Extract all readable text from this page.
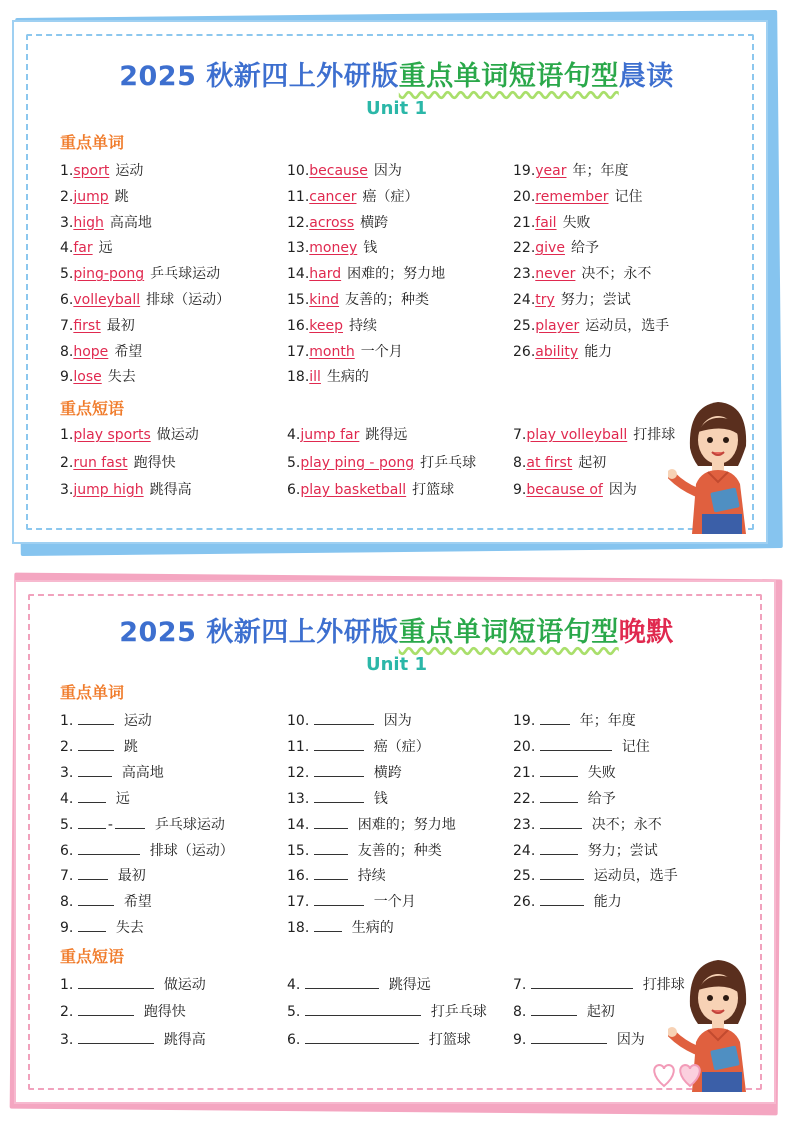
2025 秋新四上外研版重点单词短语句型晨读
Unit 1
重点单词
重点短语
1.sport 运动
2.jump 跳
3.high 高高地
4.far 远
5.ping-pong 乒乓球运动
6.volleyball 排球（运动）
7.first 最初
8.hope 希望
9.lose 失去
10.because 因为
11.cancer 癌（症）
12.across 横跨
13.money 钱
14.hard 困难的；努力地
15.kind 友善的；种类
16.keep 持续
17.month 一个月
18.ill 生病的
19.year 年；年度
20.remember 记住
21.fail 失败
22.give 给予
23.never 决不；永不
24.try 努力；尝试
25.player 运动员，选手
26.ability 能力
1.play sports 做运动
2.run fast 跑得快
3.jump high 跳得高
4.jump far 跳得远
5.play ping - pong 打乒乓球
6.play basketball 打篮球
7.play volleyball 打排球
8.at first 起初
9.because of 因为
2025 秋新四上外研版重点单词短语句型晚默
Unit 1
重点单词
重点短语
1.	运动
2.	跳
3.	高高地
4.	远
5. -	乒乓球运动
6.	排球（运动）
7.	最初
8.	希望
9.	失去
10.	因为
11.	癌（症）
12.	横跨
13.	钱
14.	困难的；努力地
15.	友善的；种类
16.	持续
17.	一个月
18.	生病的
19.	年；年度
20.	记住
21.	失败
22.	给予
23.	决不；永不
24.	努力；尝试
25.	运动员，选手
26.	能力
1.	做运动
2.	跑得快
3.	跳得高
4.	跳得远
5.	打乒乓球
6.	打篮球
7.	打排球
8.	起初
9.	因为
